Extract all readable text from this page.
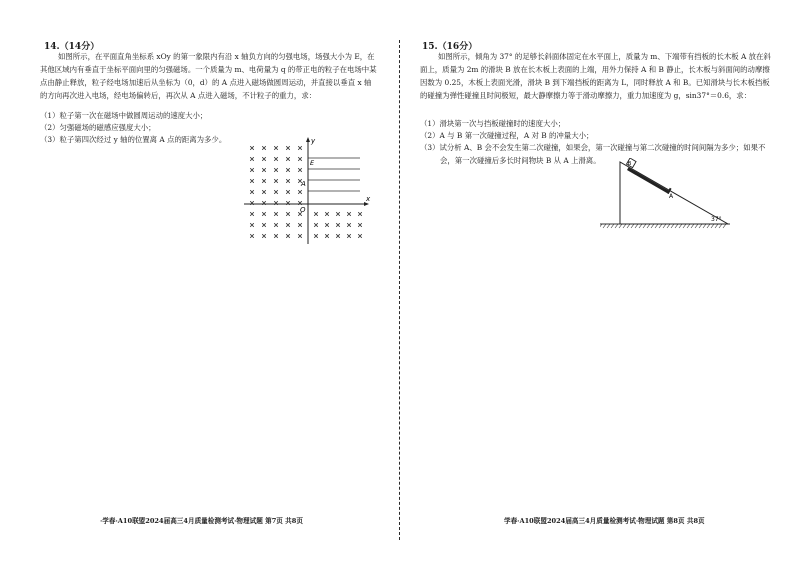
14.（14分）
如图所示，在平面直角坐标系 xOy 的第一象限内有沿 x 轴负方向的匀强电场，场强大小为 E，在其他区域内有垂直于坐标平面向里的匀强磁场。一个质量为 m、电荷量为 q 的带正电的粒子在电场中某点由静止释放，粒子经电场加速后从坐标为（0，d）的 A 点进入磁场做圆周运动，并直接以垂直 x 轴的方向再次进入电场，经电场偏转后，再次从 A 点进入磁场，不计粒子的重力，求：
（1）粒子第一次在磁场中做圆周运动的速度大小；
（2）匀强磁场的磁感应强度大小；
（3）粒子第四次经过 y 轴的位置离 A 点的距离为多少。	y
x
O
A
E
·学春·A10联盟2024届高三4月质量检测考试·物理试题 第7页 共8页
15.（16分）
如图所示，倾角为 37° 的足够长斜面体固定在水平面上，质量为 m、下端带有挡板的长木板 A 放在斜面上，质量为 2m 的滑块 B 放在长木板上表面的上端，用外力保持 A 和 B 静止，长木板与斜面间的动摩擦因数为 0.25，木板上表面光滑，滑块 B 到下端挡板的距离为 L，同时释放 A 和 B。已知滑块与长木板挡板的碰撞为弹性碰撞且时间极短，最大静摩擦力等于滑动摩擦力，重力加速度为 g，sin37°＝0.6，求：
（1）滑块第一次与挡板碰撞时的速度大小；
（2）A 与 B 第一次碰撞过程，A 对 B 的冲量大小；
（3）试分析 A、B 会不会发生第二次碰撞，如果会，第一次碰撞与第二次碰撞的时间间隔为多少；如果不会，第一次碰撞后多长时间物块 B 从 A 上滑离。	B
A
37°
学春·A10联盟2024届高三4月质量检测考试·物理试题 第8页 共8页
